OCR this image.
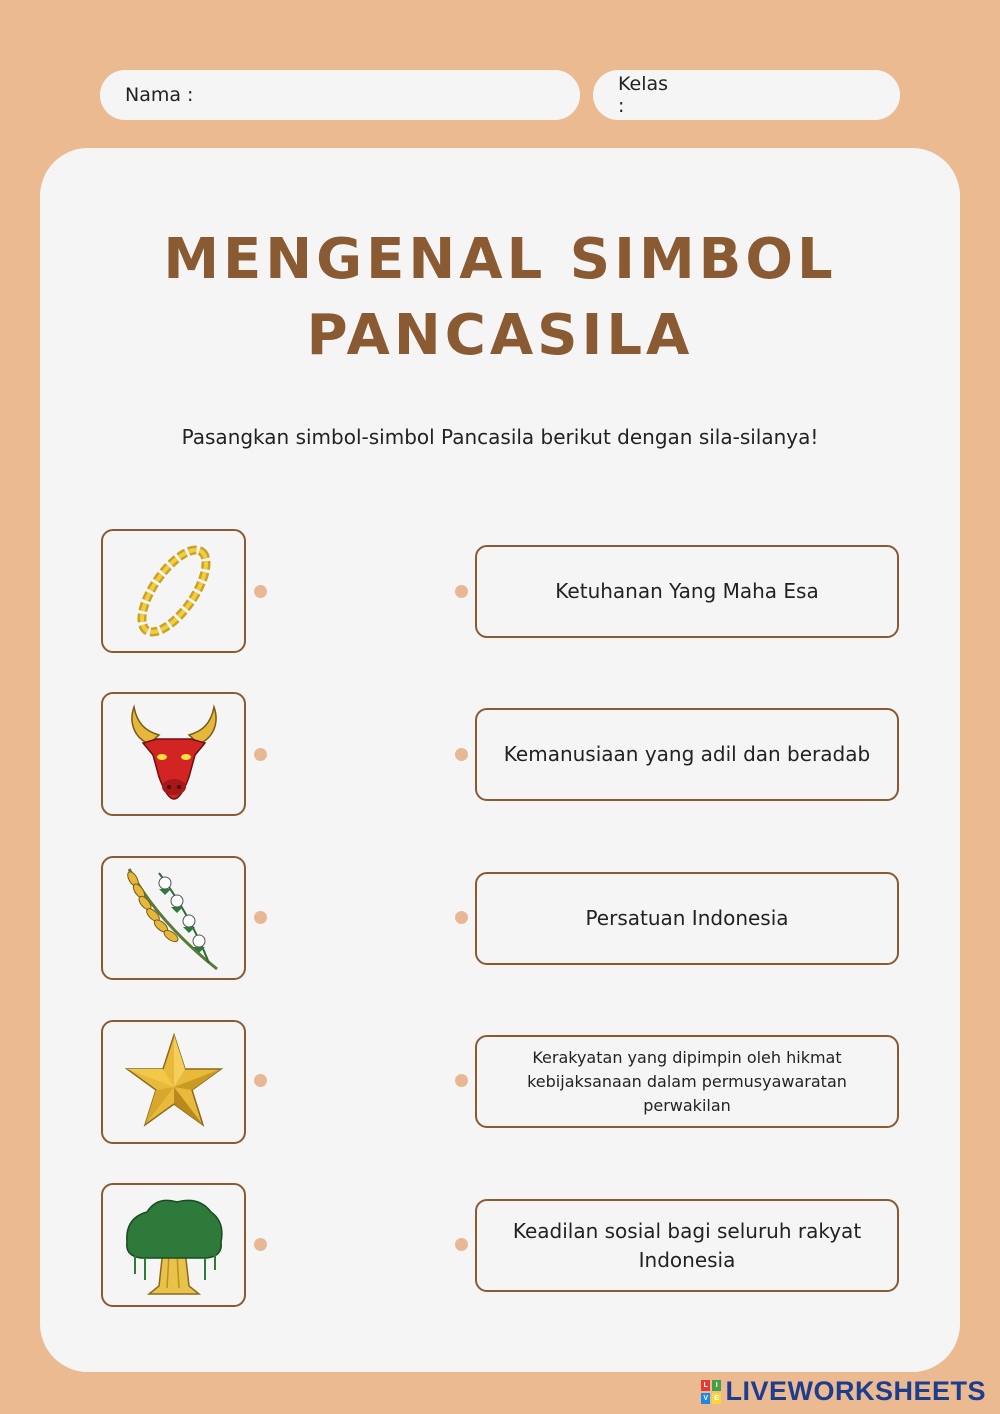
Nama :	Kelas :
MENGENAL SIMBOL
PANCASILA
Pasangkan simbol-simbol Pancasila berikut dengan sila-silanya!
Ketuhanan Yang Maha Esa
Kemanusiaan yang adil dan beradab
Persatuan Indonesia
Kerakyatan yang dipimpin oleh hikmat kebijaksanaan dalam permusyawaratan perwakilan
Keadilan sosial bagi seluruh rakyat Indonesia
L	I
V E LIVEWORKSHEETS
